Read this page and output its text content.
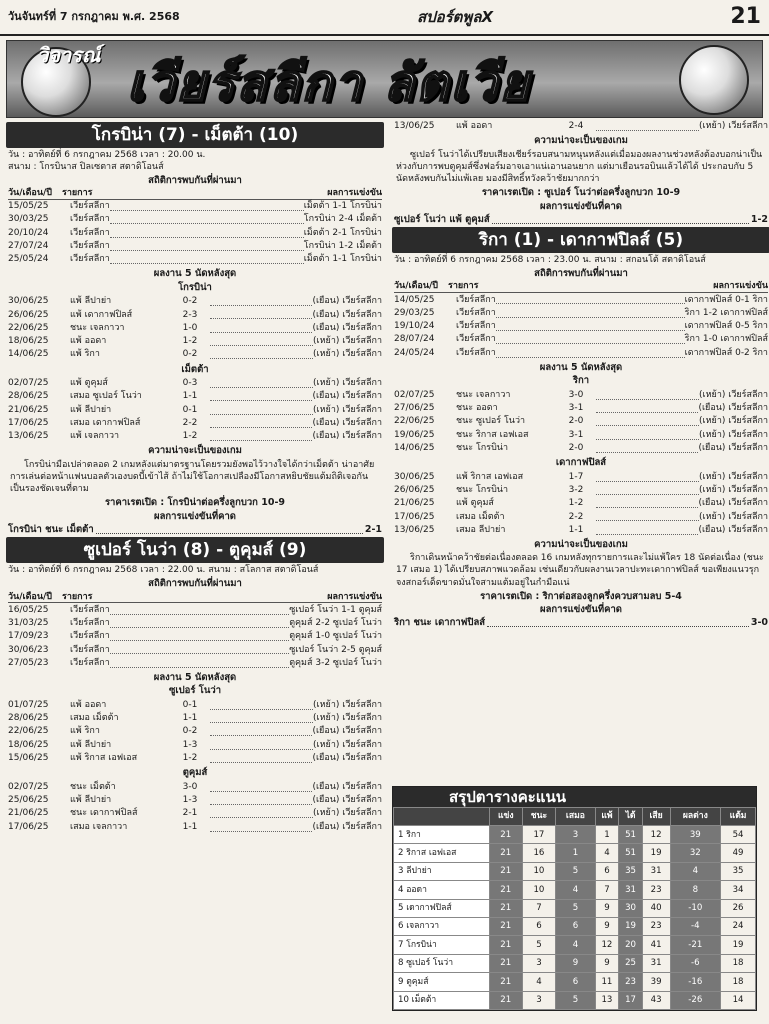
วันจันทร์ที่ 7 กรกฎาคม พ.ศ. 2568	สปอร์ตพูลX	21
วิจารณ์ เวียร์สลีกา ลัตเวีย
โกรบิน่า (7) - เม็ตต้า (10)
วัน : อาทิตย์ที่ 6 กรกฎาคม 2568 เวลา : 20.00 น.
สนาม : โกรบินาส ปิลเซตาส สตาดิโอนส์
สถิติการพบกันที่ผ่านมา
วัน/เดือน/ปี	รายการ	ผลการแข่งขัน
15/05/25	เวียร์สลีกา	เม็ตต้า 1-1 โกรบิน่า
30/03/25	เวียร์สลีกา	โกรบิน่า 2-4 เม็ตต้า
20/10/24	เวียร์สลีกา	เม็ตต้า 2-1 โกรบิน่า
27/07/24	เวียร์สลีกา	โกรบิน่า 1-2 เม็ตต้า
25/05/24	เวียร์สลีกา	เม็ตต้า 1-1 โกรบิน่า
ผลงาน 5 นัดหลังสุด
โกรบิน่า
30/06/25	แพ้ ลีปาย่า	0-2	(เยือน) เวียร์สลีกา
26/06/25	แพ้ เดากาฟปิลส์	2-3	(เยือน) เวียร์สลีกา
22/06/25	ชนะ เจลกาวา	1-0	(เยือน) เวียร์สลีกา
18/06/25	แพ้ ออดา	1-2	(เหย้า) เวียร์สลีกา
14/06/25	แพ้ ริกา	0-2	(เหย้า) เวียร์สลีกา
เม็ตต้า
02/07/25	แพ้ ตูคุมส์	0-3	(เหย้า) เวียร์สลีกา
28/06/25	เสมอ ซูเปอร์ โนว่า	1-1	(เยือน) เวียร์สลีกา
21/06/25	แพ้ ลีปาย่า	0-1	(เหย้า) เวียร์สลีกา
17/06/25	เสมอ เดากาฟปิลส์	2-2	(เยือน) เวียร์สลีกา
13/06/25	แพ้ เจลกาวา	1-2	(เยือน) เวียร์สลีกา
ความน่าจะเป็นของเกม
โกรบิน่ามือเปล่าตลอด 2 เกมหลังแต่มาตรฐานโดยรวมยังพอไว้วางใจได้กว่าเม็ตต้า น่าอาศัยการเล่นต่อหน้าแฟนบอลตัวเองบดบี้เข้าไส้ ถ้าไม่ใช้โอกาสเปลืองมีโอกาสหยิบชัยแต้มถิติเจอกันเป็นรองชัดเจนที่ตาม
ราคาเรตเปิด : โกรบิน่าต่อครึ่งลูกบวก 10-9
ผลการแข่งขันที่คาด
โกรบิน่า ชนะ เม็ตต้า	2-1
ซูเปอร์ โนว่า (8) - ตูคุมส์ (9)
วัน : อาทิตย์ที่ 6 กรกฎาคม 2568 เวลา : 22.00 น. สนาม : สโลกาส สตาดิโอนส์
สถิติการพบกันที่ผ่านมา
วัน/เดือน/ปี	รายการ	ผลการแข่งขัน
16/05/25	เวียร์สลีกา	ซูเปอร์ โนว่า 1-1 ตูคุมส์
31/03/25	เวียร์สลีกา	ตูคุมส์ 2-2 ซูเปอร์ โนว่า
17/09/23	เวียร์สลีกา	ตูคุมส์ 1-0 ซูเปอร์ โนว่า
30/06/23	เวียร์สลีกา	ซูเปอร์ โนว่า 2-5 ตูคุมส์
27/05/23	เวียร์สลีกา	ตูคุมส์ 3-2 ซูเปอร์ โนว่า
ผลงาน 5 นัดหลังสุด
ซูเปอร์ โนว่า
01/07/25	แพ้ ออดา	0-1	(เหย้า) เวียร์สลีกา
28/06/25	เสมอ เม็ตต้า	1-1	(เหย้า) เวียร์สลีกา
22/06/25	แพ้ ริกา	0-2	(เยือน) เวียร์สลีกา
18/06/25	แพ้ ลีปาย่า	1-3	(เหย้า) เวียร์สลีกา
15/06/25	แพ้ ริกาส เอฟเอส	1-2	(เยือน) เวียร์สลีกา
ตูคุมส์
02/07/25	ชนะ เม็ตต้า	3-0	(เยือน) เวียร์สลีกา
25/06/25	แพ้ ลีปาย่า	1-3	(เยือน) เวียร์สลีกา
21/06/25	ชนะ เดากาฟปิลส์	2-1	(เหย้า) เวียร์สลีกา
17/06/25	เสมอ เจลกาวา	1-1	(เยือน) เวียร์สลีกา
13/06/25	แพ้ ออดา	2-4	(เหย้า) เวียร์สลีกา
ความน่าจะเป็นของเกม
ซูเปอร์ โนว่าได้เปรียบเสียงเชียร์รอบสนามหนุนหลังแต่เมื่อมองผลงานช่วงหลังต้องบอกน่าเป็นห่วงกับการพบตูคุมส์ซึ่งฟอร์มอาจเอาแน่เอานอนยาก แต่มาเยือนรอบินแล้วได้ได้ ประกอบกับ 5 นัดหลังพบกันไม่แพ้เลย มองมีสิทธิ์หวังคว้าชัยมากกว่า
ราคาเรตเปิด : ซูเปอร์ โนว่าต่อครึ่งลูกบวก 10-9
ผลการแข่งขันที่คาด
ซูเปอร์ โนว่า แพ้ ตูคุมส์	1-2
ริกา (1) - เดากาฟปิลส์ (5)
วัน : อาทิตย์ที่ 6 กรกฎาคม 2568 เวลา : 23.00 น. สนาม : สกอนโต้ สตาดิโอนส์
สถิติการพบกันที่ผ่านมา
วัน/เดือน/ปี	รายการ	ผลการแข่งขัน
14/05/25	เวียร์สลีกา	เดากาฟปิลส์ 0-1 ริกา
29/03/25	เวียร์สลีกา	ริกา 1-2 เดากาฟปิลส์
19/10/24	เวียร์สลีกา	เดากาฟปิลส์ 0-5 ริกา
28/07/24	เวียร์สลีกา	ริกา 1-0 เดากาฟปิลส์
24/05/24	เวียร์สลีกา	เดากาฟปิลส์ 0-2 ริกา
ผลงาน 5 นัดหลังสุด
ริกา
02/07/25	ชนะ เจลกาวา	3-0	(เหย้า) เวียร์สลีกา
27/06/25	ชนะ ออดา	3-1	(เยือน) เวียร์สลีกา
22/06/25	ชนะ ซูเปอร์ โนว่า	2-0	(เหย้า) เวียร์สลีกา
19/06/25	ชนะ ริกาส เอฟเอส	3-1	(เหย้า) เวียร์สลีกา
14/06/25	ชนะ โกรบิน่า	2-0	(เยือน) เวียร์สลีกา
เดากาฟปิลส์
30/06/25	แพ้ ริกาส เอฟเอส	1-7	(เหย้า) เวียร์สลีกา
26/06/25	ชนะ โกรบิน่า	3-2	(เหย้า) เวียร์สลีกา
21/06/25	แพ้ ตูคุมส์	1-2	(เยือน) เวียร์สลีกา
17/06/25	เสมอ เม็ตต้า	2-2	(เหย้า) เวียร์สลีกา
13/06/25	เสมอ ลีปาย่า	1-1	(เยือน) เวียร์สลีกา
ความน่าจะเป็นของเกม
ริกาเดินหน้าคว้าชัยต่อเนื่องตลอด 16 เกมหลังทุกรายการและไม่แพ้ใคร 18 นัดต่อเนื่อง (ชนะ 17 เสมอ 1) ได้เปรียบสภาพแวดล้อม เช่นเดียวกับผลงานเวลาปะทะเดากาฟปิลส์ ขอเพียงแนวรุกจงสกอร์เด็ดขาดมั่นใจสามแต้มอยู่ในกำมือแน่
ราคาเรตเปิด : ริกาต่อสองลูกครึ่งควบสามลบ 5-4
ผลการแข่งขันที่คาด
ริกา ชนะ เดากาฟปิลส์	3-0
สรุปตารางคะแนน
	แข่ง	ชนะ	เสมอ	แพ้	ได้	เสีย	ผลต่าง	แต้ม
1 ริกา	21	17	3	1	51	12	39	54
2 ริกาส เอฟเอส	21	16	1	4	51	19	32	49
3 ลีปาย่า	21	10	5	6	35	31	4	35
4 ออดา	21	10	4	7	31	23	8	34
5 เดากาฟปิลส์	21	7	5	9	30	40	-10	26
6 เจลกาวา	21	6	6	9	19	23	-4	24
7 โกรบิน่า	21	5	4	12	20	41	-21	19
8 ซูเปอร์ โนว่า	21	3	9	9	25	31	-6	18
9 ตูคุมส์	21	4	6	11	23	39	-16	18
10 เม็ตต้า	21	3	5	13	17	43	-26	14
